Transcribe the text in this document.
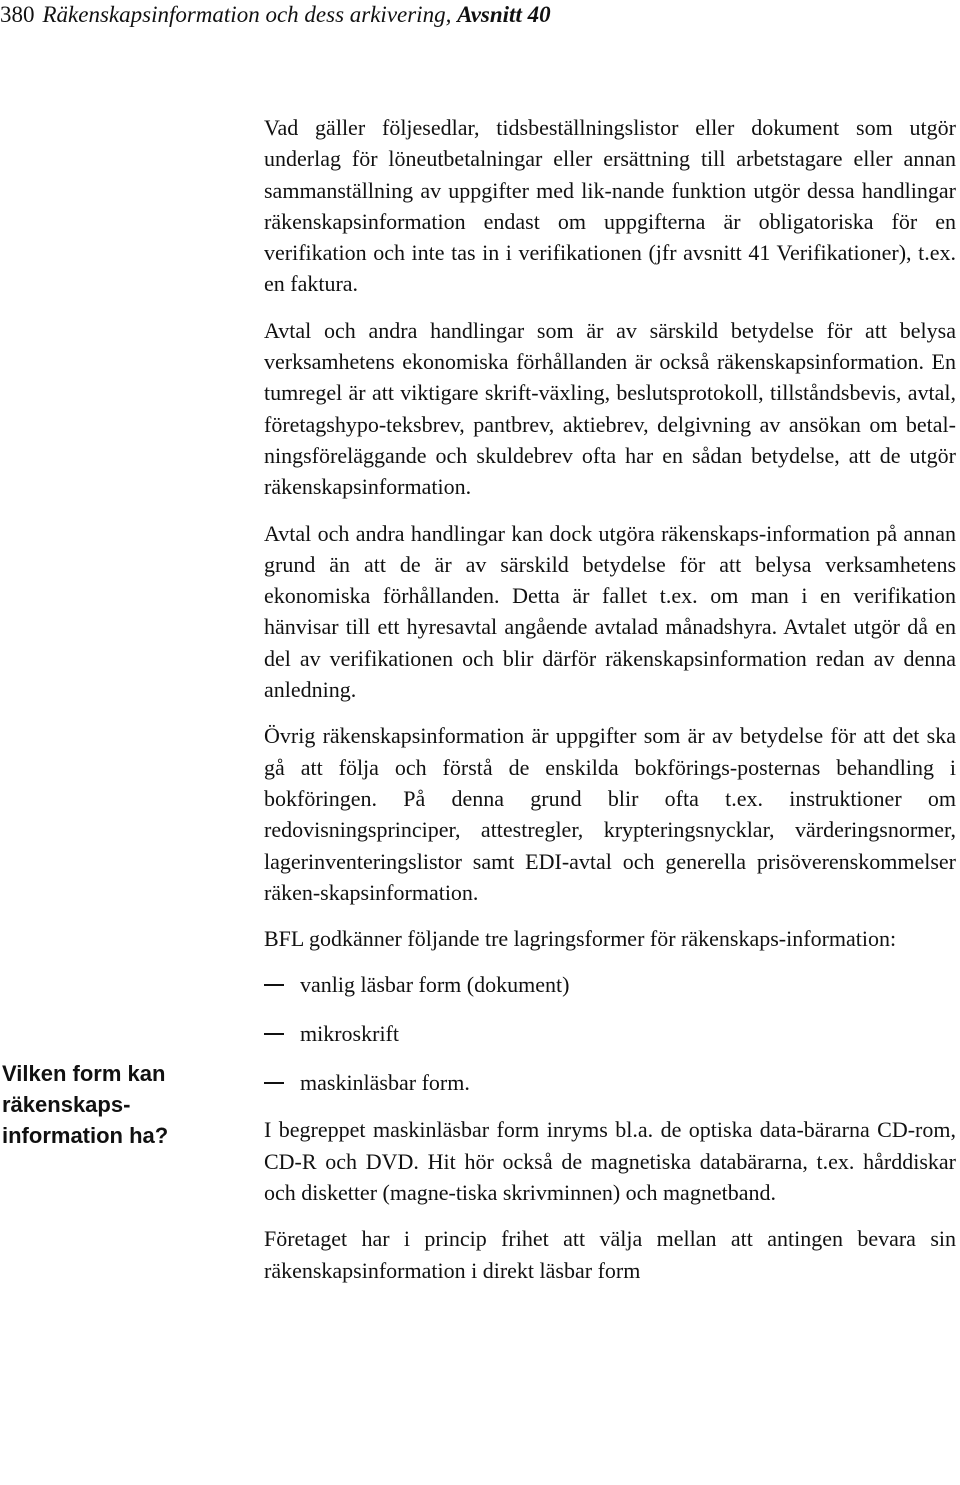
380 Räkenskapsinformation och dess arkivering, Avsnitt 40
Vilken form kan räkenskaps-information ha?

Vad gäller följesedlar, tidsbeställningslistor eller dokument som utgör underlag för löneutbetalningar eller ersättning till arbetstagare eller annan sammanställning av uppgifter med lik-nande funktion utgör dessa handlingar räkenskapsinformation endast om uppgifterna är obligatoriska för en verifikation och inte tas in i verifikationen (jfr avsnitt 41 Verifikationer), t.ex. en faktura.

Avtal och andra handlingar som är av särskild betydelse för att belysa verksamhetens ekonomiska förhållanden är också räkenskapsinformation. En tumregel är att viktigare skrift-växling, beslutsprotokoll, tillståndsbevis, avtal, företagshypo-teksbrev, pantbrev, aktiebrev, delgivning av ansökan om betal-ningsföreläggande och skuldebrev ofta har en sådan betydelse, att de utgör räkenskapsinformation.

Avtal och andra handlingar kan dock utgöra räkenskaps-information på annan grund än att de är av särskild betydelse för att belysa verksamhetens ekonomiska förhållanden. Detta är fallet t.ex. om man i en verifikation hänvisar till ett hyresavtal angående avtalad månadshyra. Avtalet utgör då en del av verifikationen och blir därför räkenskapsinformation redan av denna anledning.

Övrig räkenskapsinformation är uppgifter som är av betydelse för att det ska gå att följa och förstå de enskilda bokförings-posternas behandling i bokföringen. På denna grund blir ofta t.ex. instruktioner om redovisningsprinciper, attestregler, krypteringsnycklar, värderingsnormer, lagerinventeringslistor samt EDI-avtal och generella prisöverenskommelser räken-skapsinformation.

BFL godkänner följande tre lagringsformer för räkenskaps-information:

vanlig läsbar form (dokument)
mikroskrift
maskinläsbar form.

I begreppet maskinläsbar form inryms bl.a. de optiska data-bärarna CD-rom, CD-R och DVD. Hit hör också de magnetiska databärarna, t.ex. hårddiskar och disketter (magne-tiska skrivminnen) och magnetband.

Företaget har i princip frihet att välja mellan att antingen bevara sin räkenskapsinformation i direkt läsbar form
